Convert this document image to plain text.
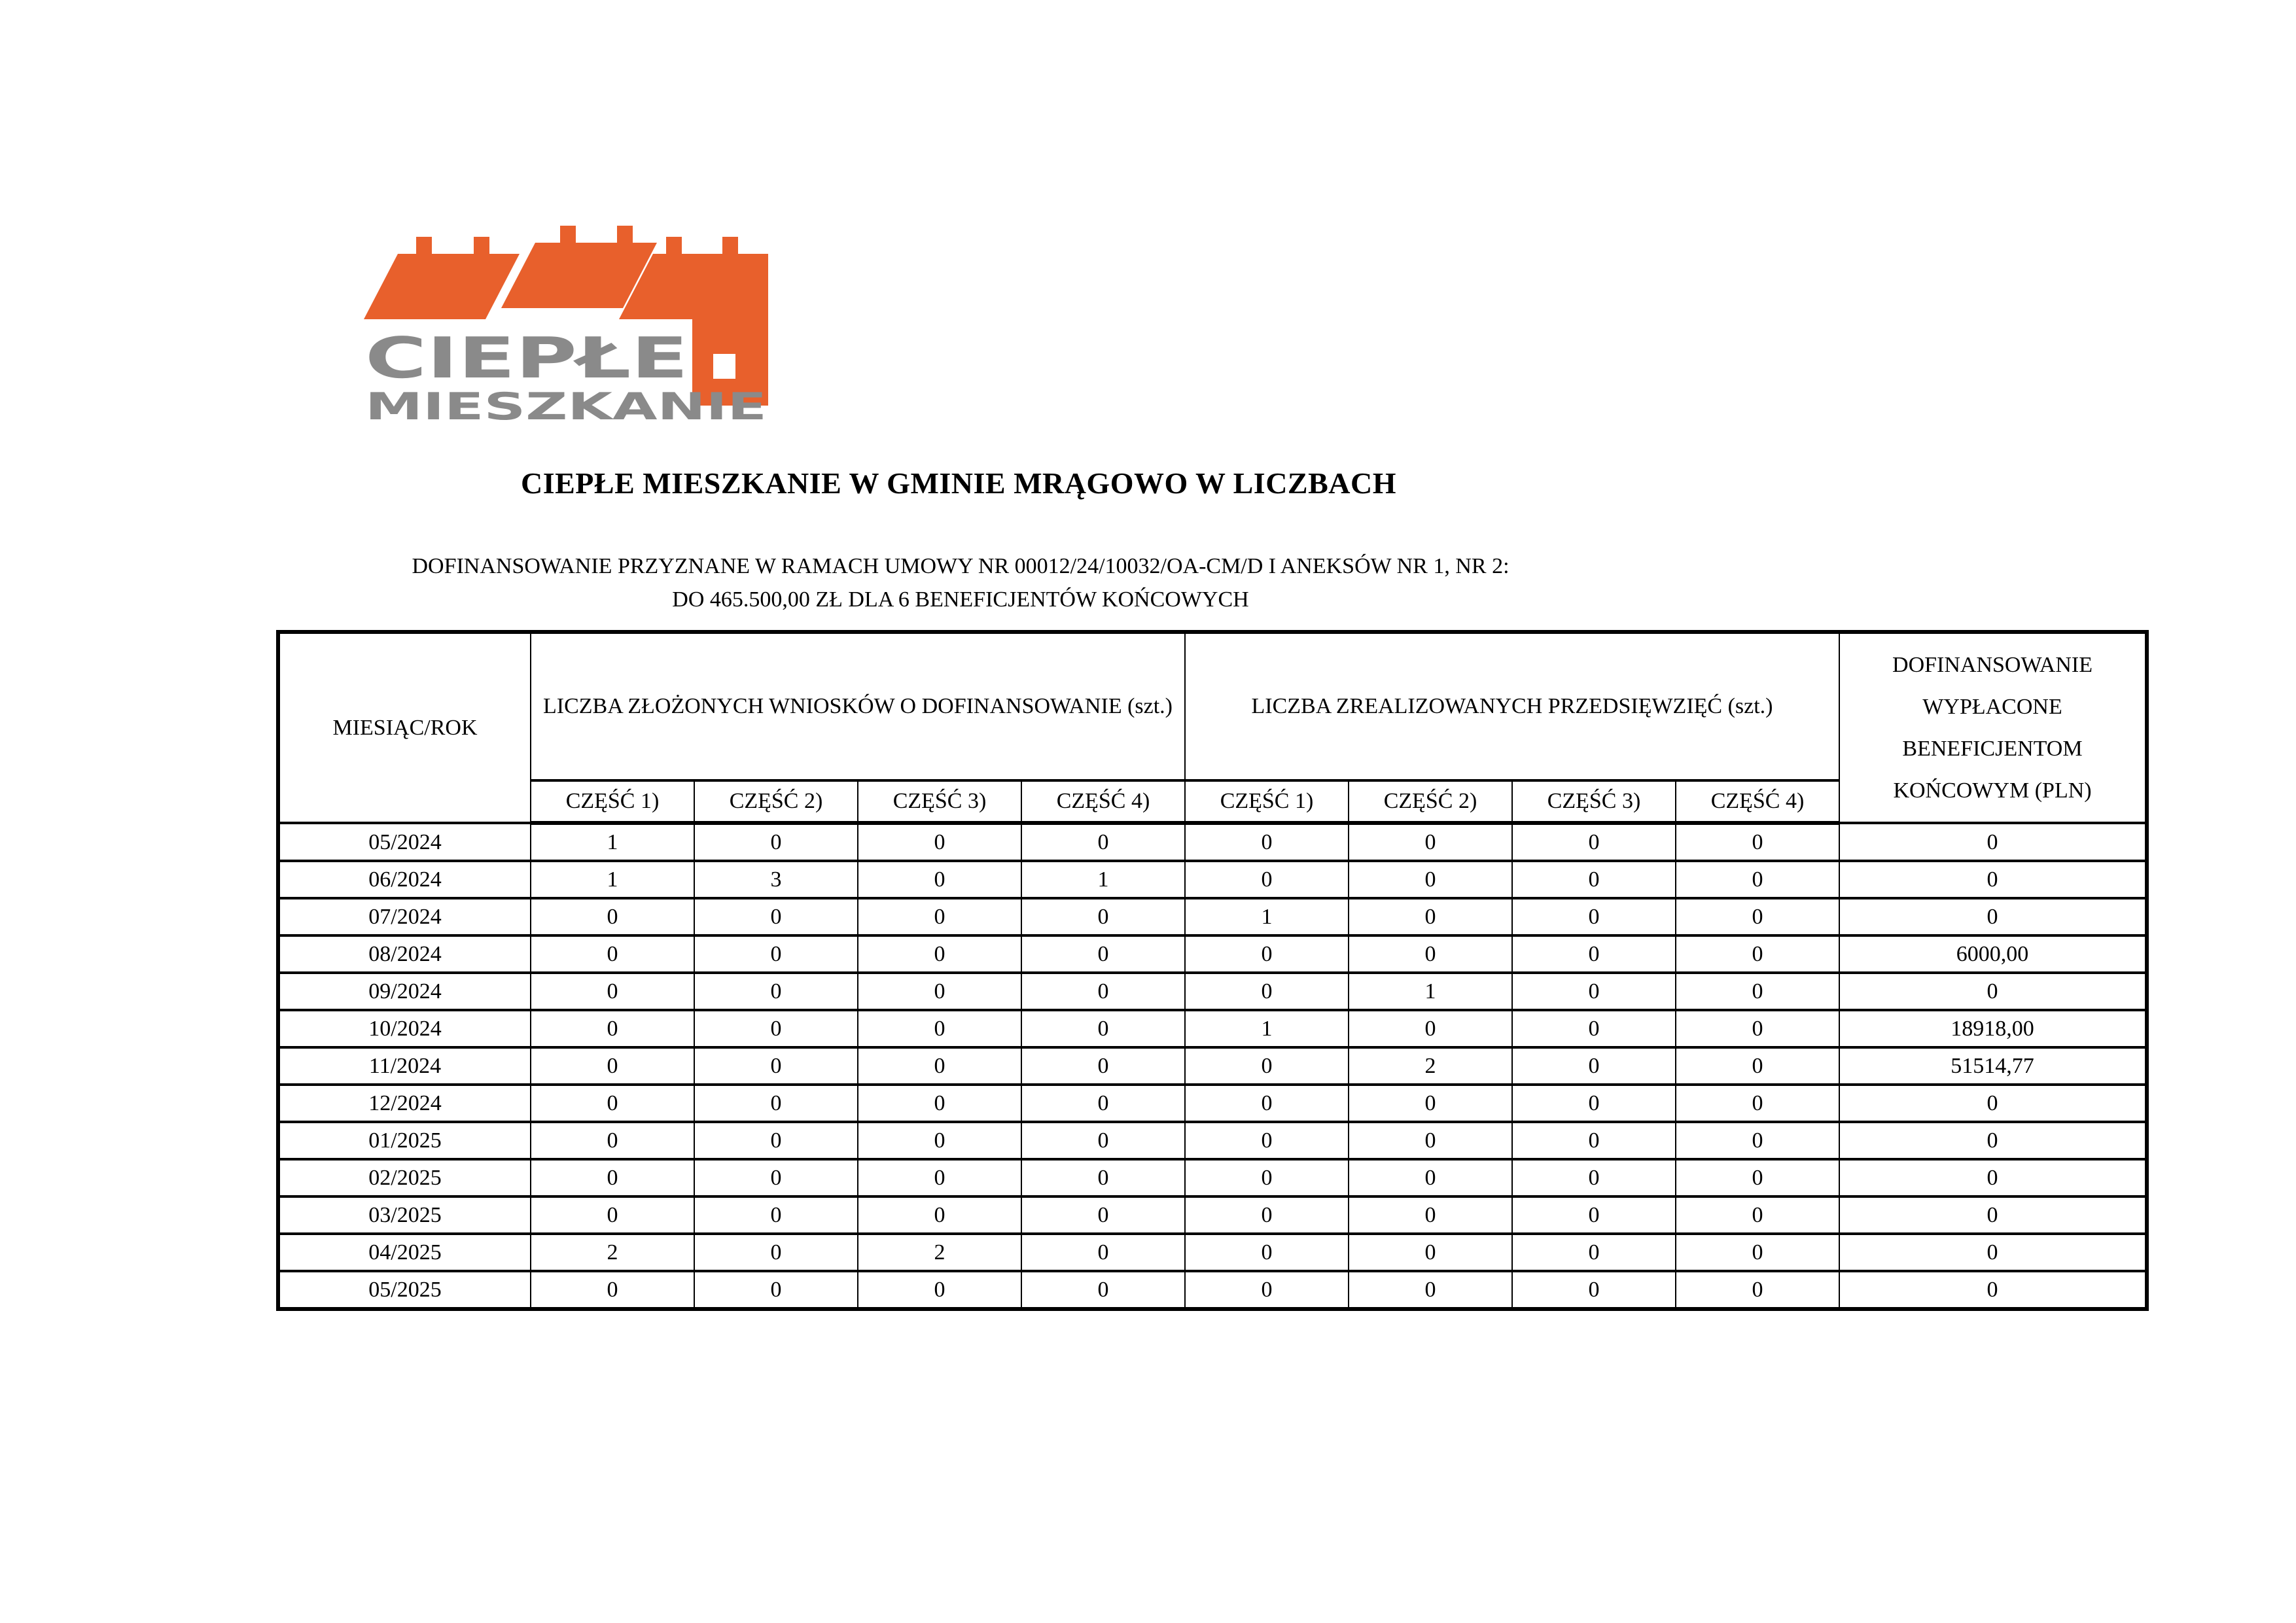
CIEPŁE
MIESZKANIE
CIEPŁE MIESZKANIE W GMINIE MRĄGOWO W LICZBACH
DOFINANSOWANIE PRZYZNANE W RAMACH UMOWY NR 00012/24/10032/OA-CM/D I ANEKSÓW NR 1, NR 2:
DO 465.500,00 ZŁ DLA 6 BENEFICJENTÓW KOŃCOWYCH
MIESIĄC/ROK	LICZBA ZŁOŻONYCH WNIOSKÓW O DOFINANSOWANIE (szt.)				LICZBA ZREALIZOWANYCH PRZEDSIĘWZIĘĆ (szt.)				DOFINANSOWANIE WYPŁACONE BENEFICJENTOM KOŃCOWYM (PLN)
	CZĘŚĆ 1)	CZĘŚĆ 2)	CZĘŚĆ 3)	CZĘŚĆ 4)	CZĘŚĆ 1)	CZĘŚĆ 2)	CZĘŚĆ 3)	CZĘŚĆ 4)	
05/2024	1	0	0	0	0	0	0	0	0
06/2024	1	3	0	1	0	0	0	0	0
07/2024	0	0	0	0	1	0	0	0	0
08/2024	0	0	0	0	0	0	0	0	6000,00
09/2024	0	0	0	0	0	1	0	0	0
10/2024	0	0	0	0	1	0	0	0	18918,00
11/2024	0	0	0	0	0	2	0	0	51514,77
12/2024	0	0	0	0	0	0	0	0	0
01/2025	0	0	0	0	0	0	0	0	0
02/2025	0	0	0	0	0	0	0	0	0
03/2025	0	0	0	0	0	0	0	0	0
04/2025	2	0	2	0	0	0	0	0	0
05/2025	0	0	0	0	0	0	0	0	0
